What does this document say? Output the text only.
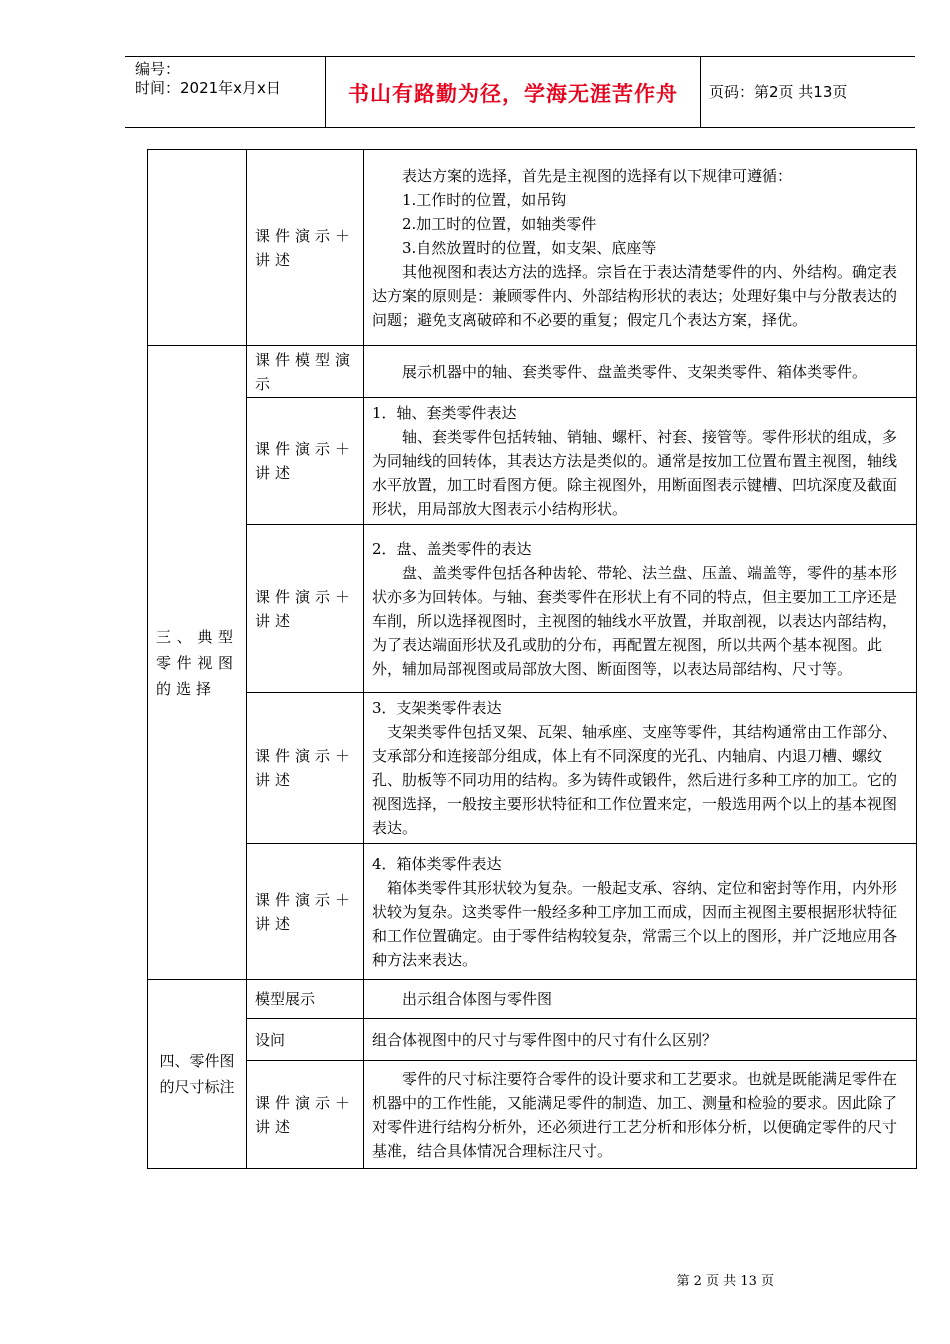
编号：
时间：2021年x月x日	书山有路勤为径，学海无涯苦作舟	页码：第2页 共13页
	课件演示＋讲述	表达方案的选择，首先是主视图的选择有以下规律可遵循：

1.工作时的位置，如吊钩

2.加工时的位置，如轴类零件

3.自然放置时的位置，如支架、底座等

其他视图和表达方法的选择。宗旨在于表达清楚零件的内、外结构。确定表达方案的原则是：兼顾零件内、外部结构形状的表达；处理好集中与分散表达的问题；避免支离破碎和不必要的重复；假定几个表达方案，择优。

三、典型零件视图的选择	课件模型演示	展示机器中的轴、套类零件、盘盖类零件、支架类零件、箱体类零件。

	课件演示＋讲述	1．轴、套类零件表达

轴、套类零件包括转轴、销轴、螺杆、衬套、接管等。零件形状的组成，多为同轴线的回转体，其表达方法是类似的。通常是按加工位置布置主视图，轴线水平放置，加工时看图方便。除主视图外，用断面图表示键槽、凹坑深度及截面形状，用局部放大图表示小结构形状。

	课件演示＋讲述	2．盘、盖类零件的表达

盘、盖类零件包括各种齿轮、带轮、法兰盘、压盖、端盖等，零件的基本形状亦多为回转体。与轴、套类零件在形状上有不同的特点，但主要加工工序还是车削，所以选择视图时，主视图的轴线水平放置，并取剖视，以表达内部结构，为了表达端面形状及孔或肋的分布，再配置左视图，所以共两个基本视图。此外，辅加局部视图或局部放大图、断面图等，以表达局部结构、尺寸等。

	课件演示＋讲述	3．支架类零件表达

支架类零件包括叉架、瓦架、轴承座、支座等零件，其结构通常由工作部分、支承部分和连接部分组成，体上有不同深度的光孔、内轴肩、内退刀槽、螺纹孔、肋板等不同功用的结构。多为铸件或锻件，然后进行多种工序的加工。它的视图选择，一般按主要形状特征和工作位置来定，一般选用两个以上的基本视图表达。

	课件演示＋讲述	4．箱体类零件表达

箱体类零件其形状较为复杂。一般起支承、容纳、定位和密封等作用，内外形状较为复杂。这类零件一般经多种工序加工而成，因而主视图主要根据形状特征和工作位置确定。由于零件结构较复杂，常需三个以上的图形，并广泛地应用各种方法来表达。

四、零件图的尺寸标注	模型展示	出示组合体图与零件图

	设问	组合体视图中的尺寸与零件图中的尺寸有什么区别？

	课件演示＋讲述	零件的尺寸标注要符合零件的设计要求和工艺要求。也就是既能满足零件在机器中的工作性能，又能满足零件的制造、加工、测量和检验的要求。因此除了对零件进行结构分析外，还必须进行工艺分析和形体分析，以便确定零件的尺寸基准，结合具体情况合理标注尺寸。

第 2 页 共 13 页
